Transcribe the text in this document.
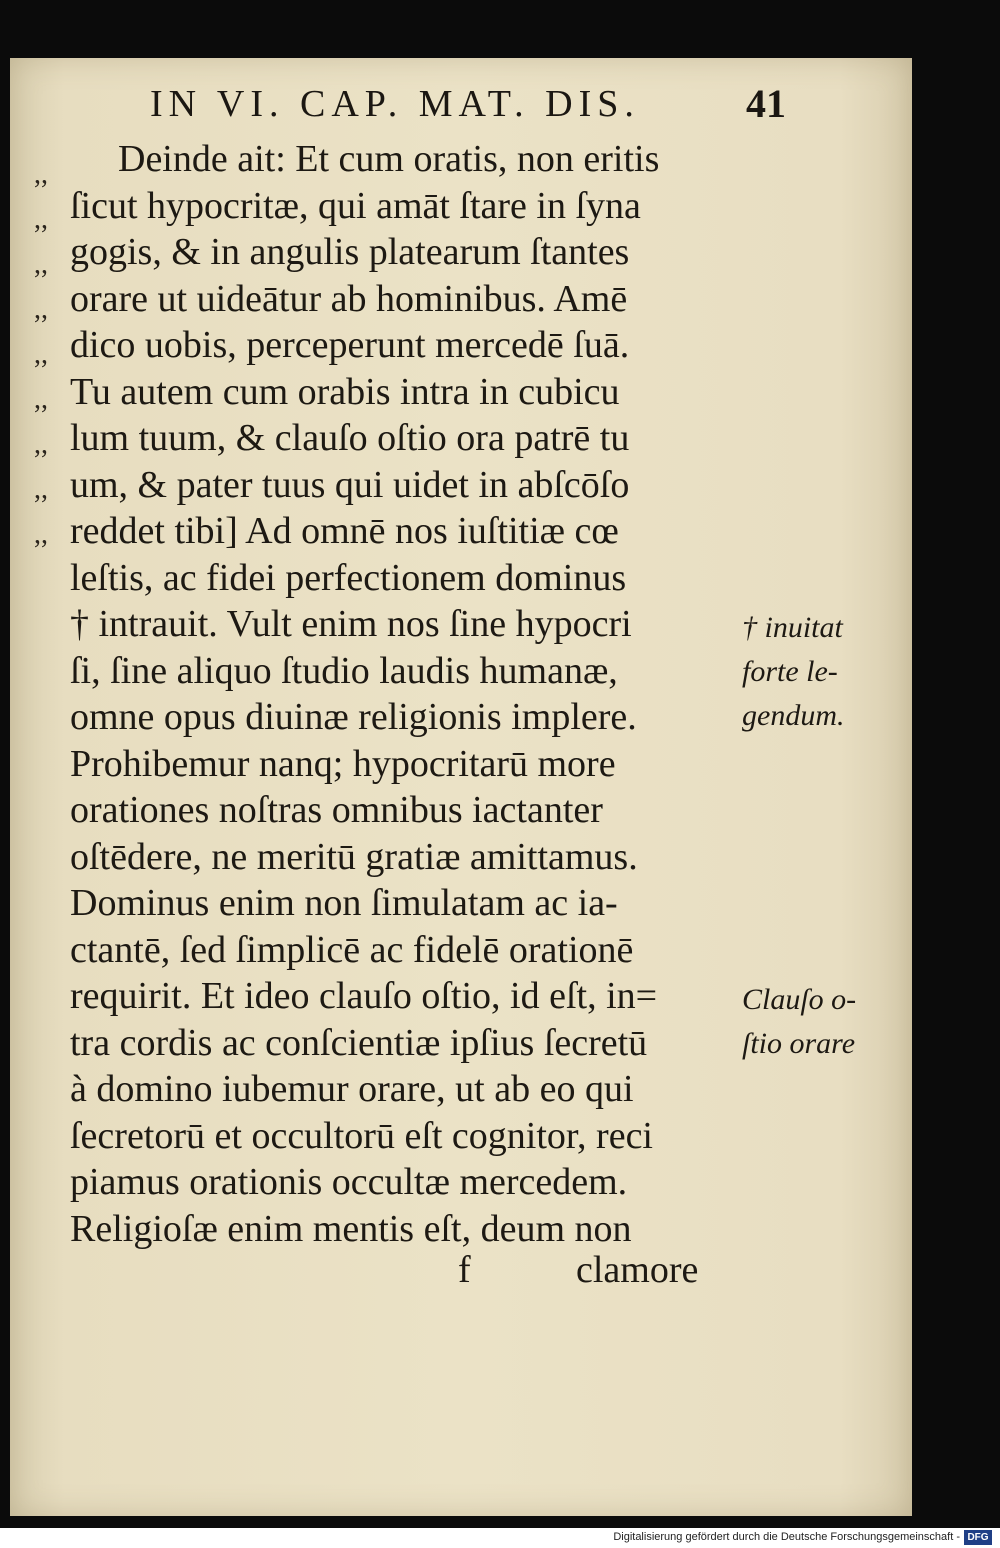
IN VI. CAP. MAT. DIS.	41
,,
,,
,,
,,
,,
,,
,,
,,
,,
Deinde ait: Et cum oratis, non eritis
ſicut hypocritæ, qui amāt ſtare in ſyna
gogis, & in angulis platearum ſtantes
orare ut uideātur ab hominibus. Amē
dico uobis, perceperunt mercedē ſuā.
Tu autem cum orabis intra in cubicu
lum tuum, & clauſo oſtio ora patrē tu
um, & pater tuus qui uidet in abſcōſo
reddet tibi] Ad omnē nos iuſtitiæ cœ
leſtis, ac fidei perfectionem dominus
† intrauit. Vult enim nos ſine hypocri
ſi, ſine aliquo ſtudio laudis humanæ,
omne opus diuinæ religionis implere.
Prohibemur nanq; hypocritarū more
orationes noſtras omnibus iactanter
oſtēdere, ne meritū gratiæ amittamus.
Dominus enim non ſimulatam ac ia-
ctantē, ſed ſimplicē ac fidelē orationē
requirit. Et ideo clauſo oſtio, id eſt, in=
tra cordis ac conſcientiæ ipſius ſecretū
à domino iubemur orare, ut ab eo qui
ſecretorū et occultorū eſt cognitor, reci
piamus orationis occultæ mercedem.
Religioſæ enim mentis eſt, deum non
f	clamore
† inuitat
forte le-
gendum.
Clauſo o-
ſtio orare
Digitalisierung gefördert durch die Deutsche Forschungsgemeinschaft - DFG
